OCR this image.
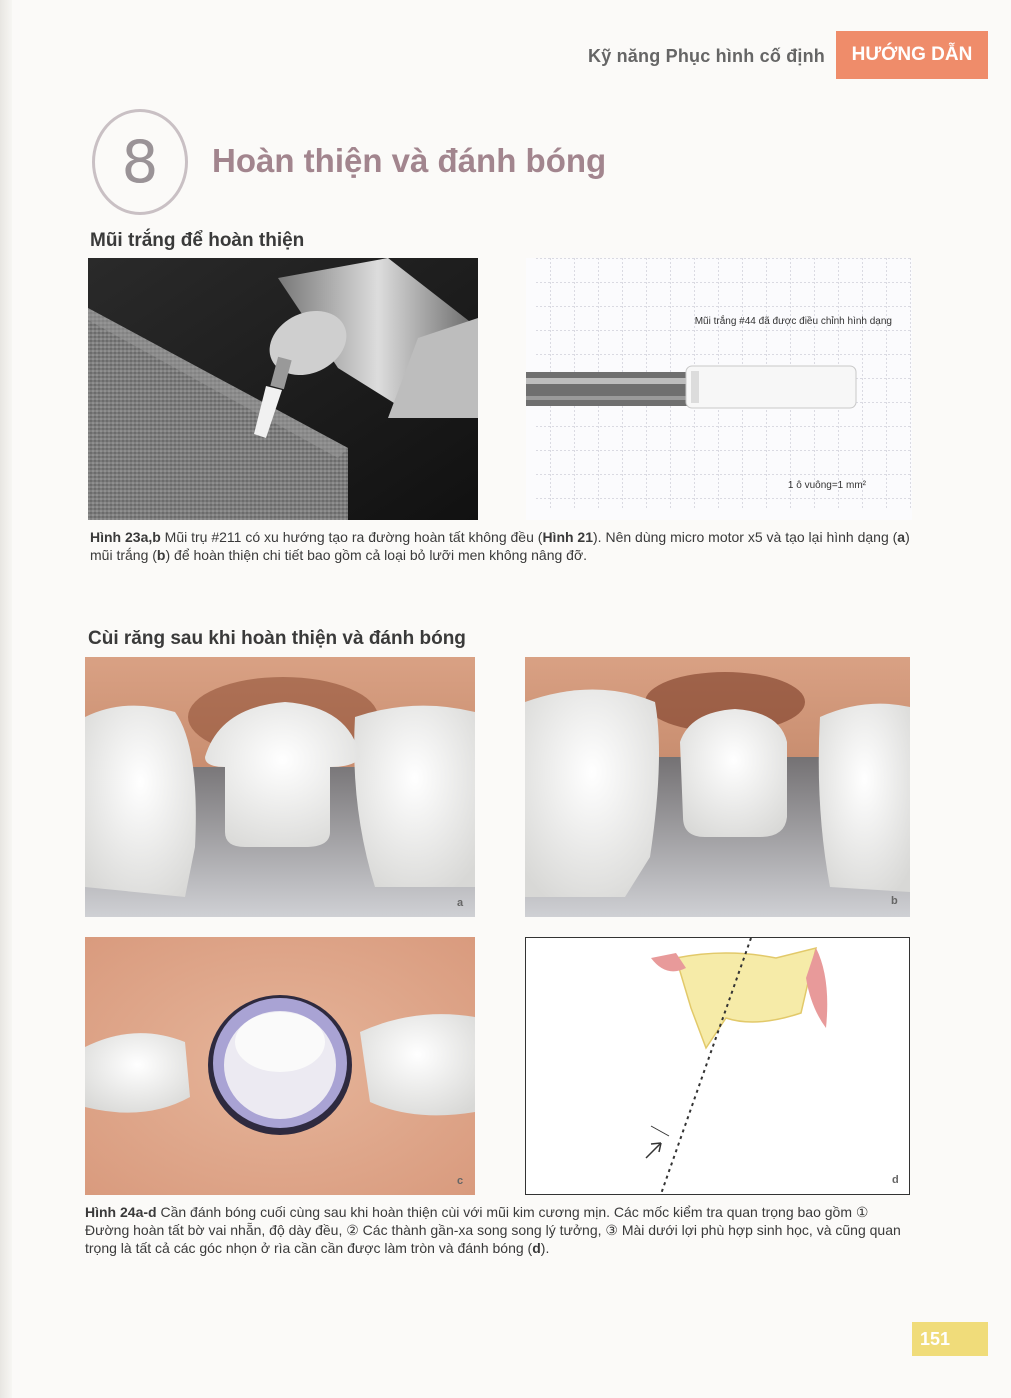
Kỹ năng Phục hình cố định	HƯỚNG DẪN
8	Hoàn thiện và đánh bóng
Mũi trắng để hoàn thiện
Mũi trắng #44 đã được điều chỉnh hình dạng
1 ô vuông=1 mm²
Hình 23a,b Mũi trụ #211 có xu hướng tạo ra đường hoàn tất không đều (Hình 21). Nên dùng micro motor x5 và tạo lại hình dạng (a) mũi trắng (b) để hoàn thiện chi tiết bao gồm cả loại bỏ lưỡi men không nâng đỡ.
Cùi răng sau khi hoàn thiện và đánh bóng
a	b
c	d
Hình 24a-d Cần đánh bóng cuối cùng sau khi hoàn thiện cùi với mũi kim cương mịn. Các mốc kiểm tra quan trọng bao gồm ① Đường hoàn tất bờ vai nhẵn, độ dày đều, ② Các thành gần-xa song song lý tưởng, ③ Mài dưới lợi phù hợp sinh học, và cũng quan trọng là tất cả các góc nhọn ở rìa cần cần được làm tròn và đánh bóng (d).
151
